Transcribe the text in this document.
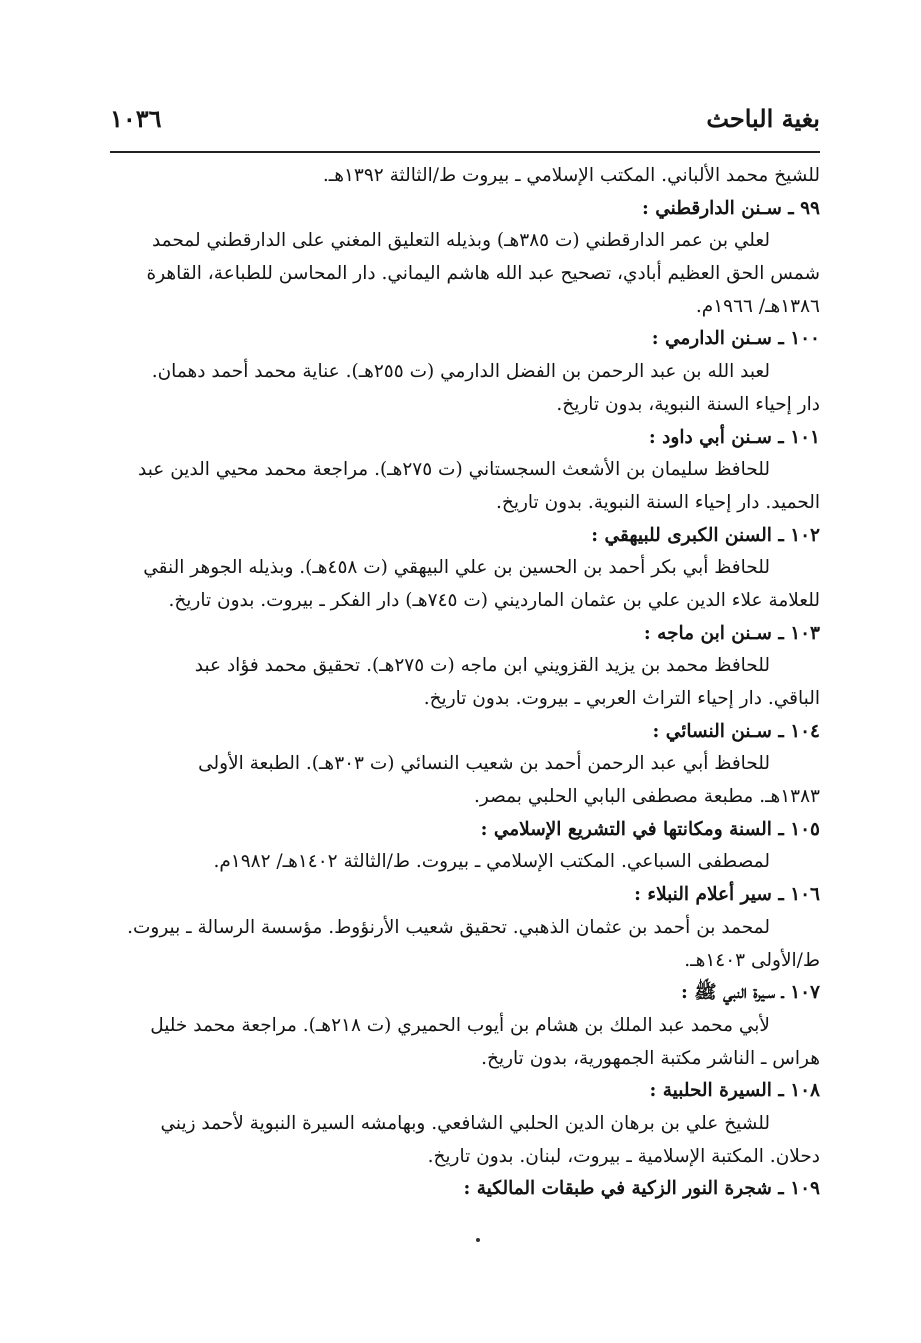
بغية الباحث
١٠٣٦
للشيخ محمد الألباني. المكتب الإسلامي ـ بيروت ط/الثالثة ١٣٩٢هـ.
٩٩ ـ سـنن الدارقطني :
لعلي بن عمر الدارقطني (ت ٣٨٥هـ) وبذيله التعليق المغني على الدارقطني لمحمد
شمس الحق العظيم أبادي، تصحيح عبد الله هاشم اليماني. دار المحاسن للطباعة، القاهرة
١٣٨٦هـ/ ١٩٦٦م.
١٠٠ ـ سـنن الدارمي :
لعبد الله بن عبد الرحمن بن الفضل الدارمي (ت ٢٥٥هـ). عناية محمد أحمد دهمان.
دار إحياء السنة النبوية، بدون تاريخ.
١٠١ ـ سـنن أبي داود :
للحافظ سليمان بن الأشعث السجستاني (ت ٢٧٥هـ). مراجعة محمد محيي الدين عبد
الحميد. دار إحياء السنة النبوية. بدون تاريخ.
١٠٢ ـ السنن الكبرى للبيهقي :
للحافظ أبي بكر أحمد بن الحسين بن علي البيهقي (ت ٤٥٨هـ). وبذيله الجوهر النقي
للعلامة علاء الدين علي بن عثمان المارديني (ت ٧٤٥هـ) دار الفكر ـ بيروت. بدون تاريخ.
١٠٣ ـ سـنن ابن ماجه :
للحافظ محمد بن يزيد القزويني ابن ماجه (ت ٢٧٥هـ). تحقيق محمد فؤاد عبد
الباقي. دار إحياء التراث العربي ـ بيروت. بدون تاريخ.
١٠٤ ـ سـنن النسائي :
للحافظ أبي عبد الرحمن أحمد بن شعيب النسائي (ت ٣٠٣هـ). الطبعة الأولى
١٣٨٣هـ. مطبعة مصطفى البابي الحلبي بمصر.
١٠٥ ـ السنة ومكانتها في التشريع الإسلامي :
لمصطفى السباعي. المكتب الإسلامي ـ بيروت. ط/الثالثة ١٤٠٢هـ/ ١٩٨٢م.
١٠٦ ـ سير أعلام النبلاء :
لمحمد بن أحمد بن عثمان الذهبي. تحقيق شعيب الأرنؤوط. مؤسسة الرسالة ـ بيروت.
ط/الأولى ١٤٠٣هـ.
١٠٧ ـ سـيرة النبي ﷺ :
لأبي محمد عبد الملك بن هشام بن أيوب الحميري (ت ٢١٨هـ). مراجعة محمد خليل
هراس ـ الناشر مكتبة الجمهورية، بدون تاريخ.
١٠٨ ـ السيرة الحلبية :
للشيخ علي بن برهان الدين الحلبي الشافعي. وبهامشه السيرة النبوية لأحمد زيني
دحلان. المكتبة الإسلامية ـ بيروت، لبنان. بدون تاريخ.
١٠٩ ـ شجرة النور الزكية في طبقات المالكية :
